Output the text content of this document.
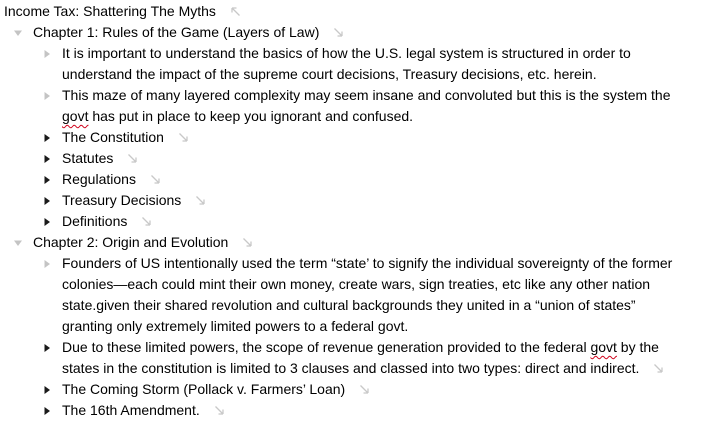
Income Tax: Shattering The Myths
Chapter 1: Rules of the Game (Layers of Law)
It is important to understand the basics of how the U.S. legal system is structured in order to
understand the impact of the supreme court decisions, Treasury decisions, etc. herein.
This maze of many layered complexity may seem insane and convoluted but this is the system the
govt has put in place to keep you ignorant and confused.
The Constitution
Statutes
Regulations
Treasury Decisions
Definitions
Chapter 2: Origin and Evolution
Founders of US intentionally used the term “state’ to signify the individual sovereignty of the former
colonies—each could mint their own money, create wars, sign treaties, etc like any other nation
state.given their shared revolution and cultural backgrounds they united in a “union of states”
granting only extremely limited powers to a federal govt.
Due to these limited powers, the scope of revenue generation provided to the federal govt by the
states in the constitution is limited to 3 clauses and classed into two types: direct and indirect.
The Coming Storm (Pollack v. Farmers’ Loan)
The 16th Amendment.
